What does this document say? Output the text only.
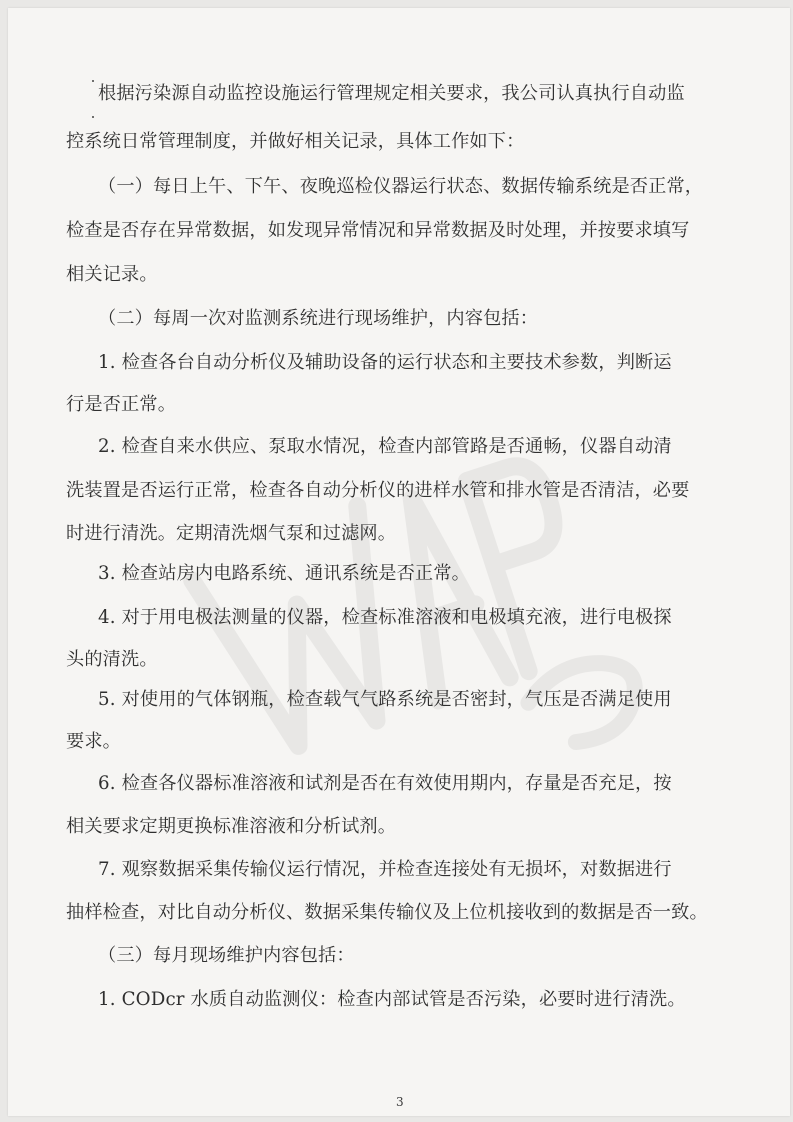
根据污染源自动监控设施运行管理规定相关要求，我公司认真执行自动监
控系统日常管理制度，并做好相关记录，具体工作如下：
（一）每日上午、下午、夜晚巡检仪器运行状态、数据传输系统是否正常，
检查是否存在异常数据，如发现异常情况和异常数据及时处理，并按要求填写
相关记录。
（二）每周一次对监测系统进行现场维护，内容包括：
1. 检查各台自动分析仪及辅助设备的运行状态和主要技术参数，判断运
行是否正常。
2. 检查自来水供应、泵取水情况，检查内部管路是否通畅，仪器自动清
洗装置是否运行正常，检查各自动分析仪的进样水管和排水管是否清洁，必要
时进行清洗。定期清洗烟气泵和过滤网。
3. 检查站房内电路系统、通讯系统是否正常。
4. 对于用电极法测量的仪器，检查标准溶液和电极填充液，进行电极探
头的清洗。
5. 对使用的气体钢瓶，检查载气气路系统是否密封，气压是否满足使用
要求。
6. 检查各仪器标准溶液和试剂是否在有效使用期内，存量是否充足，按
相关要求定期更换标准溶液和分析试剂。
7. 观察数据采集传输仪运行情况，并检查连接处有无损坏，对数据进行
抽样检查，对比自动分析仪、数据采集传输仪及上位机接收到的数据是否一致。
（三）每月现场维护内容包括：
1. CODcr 水质自动监测仪：检查内部试管是否污染，必要时进行清洗。
3
